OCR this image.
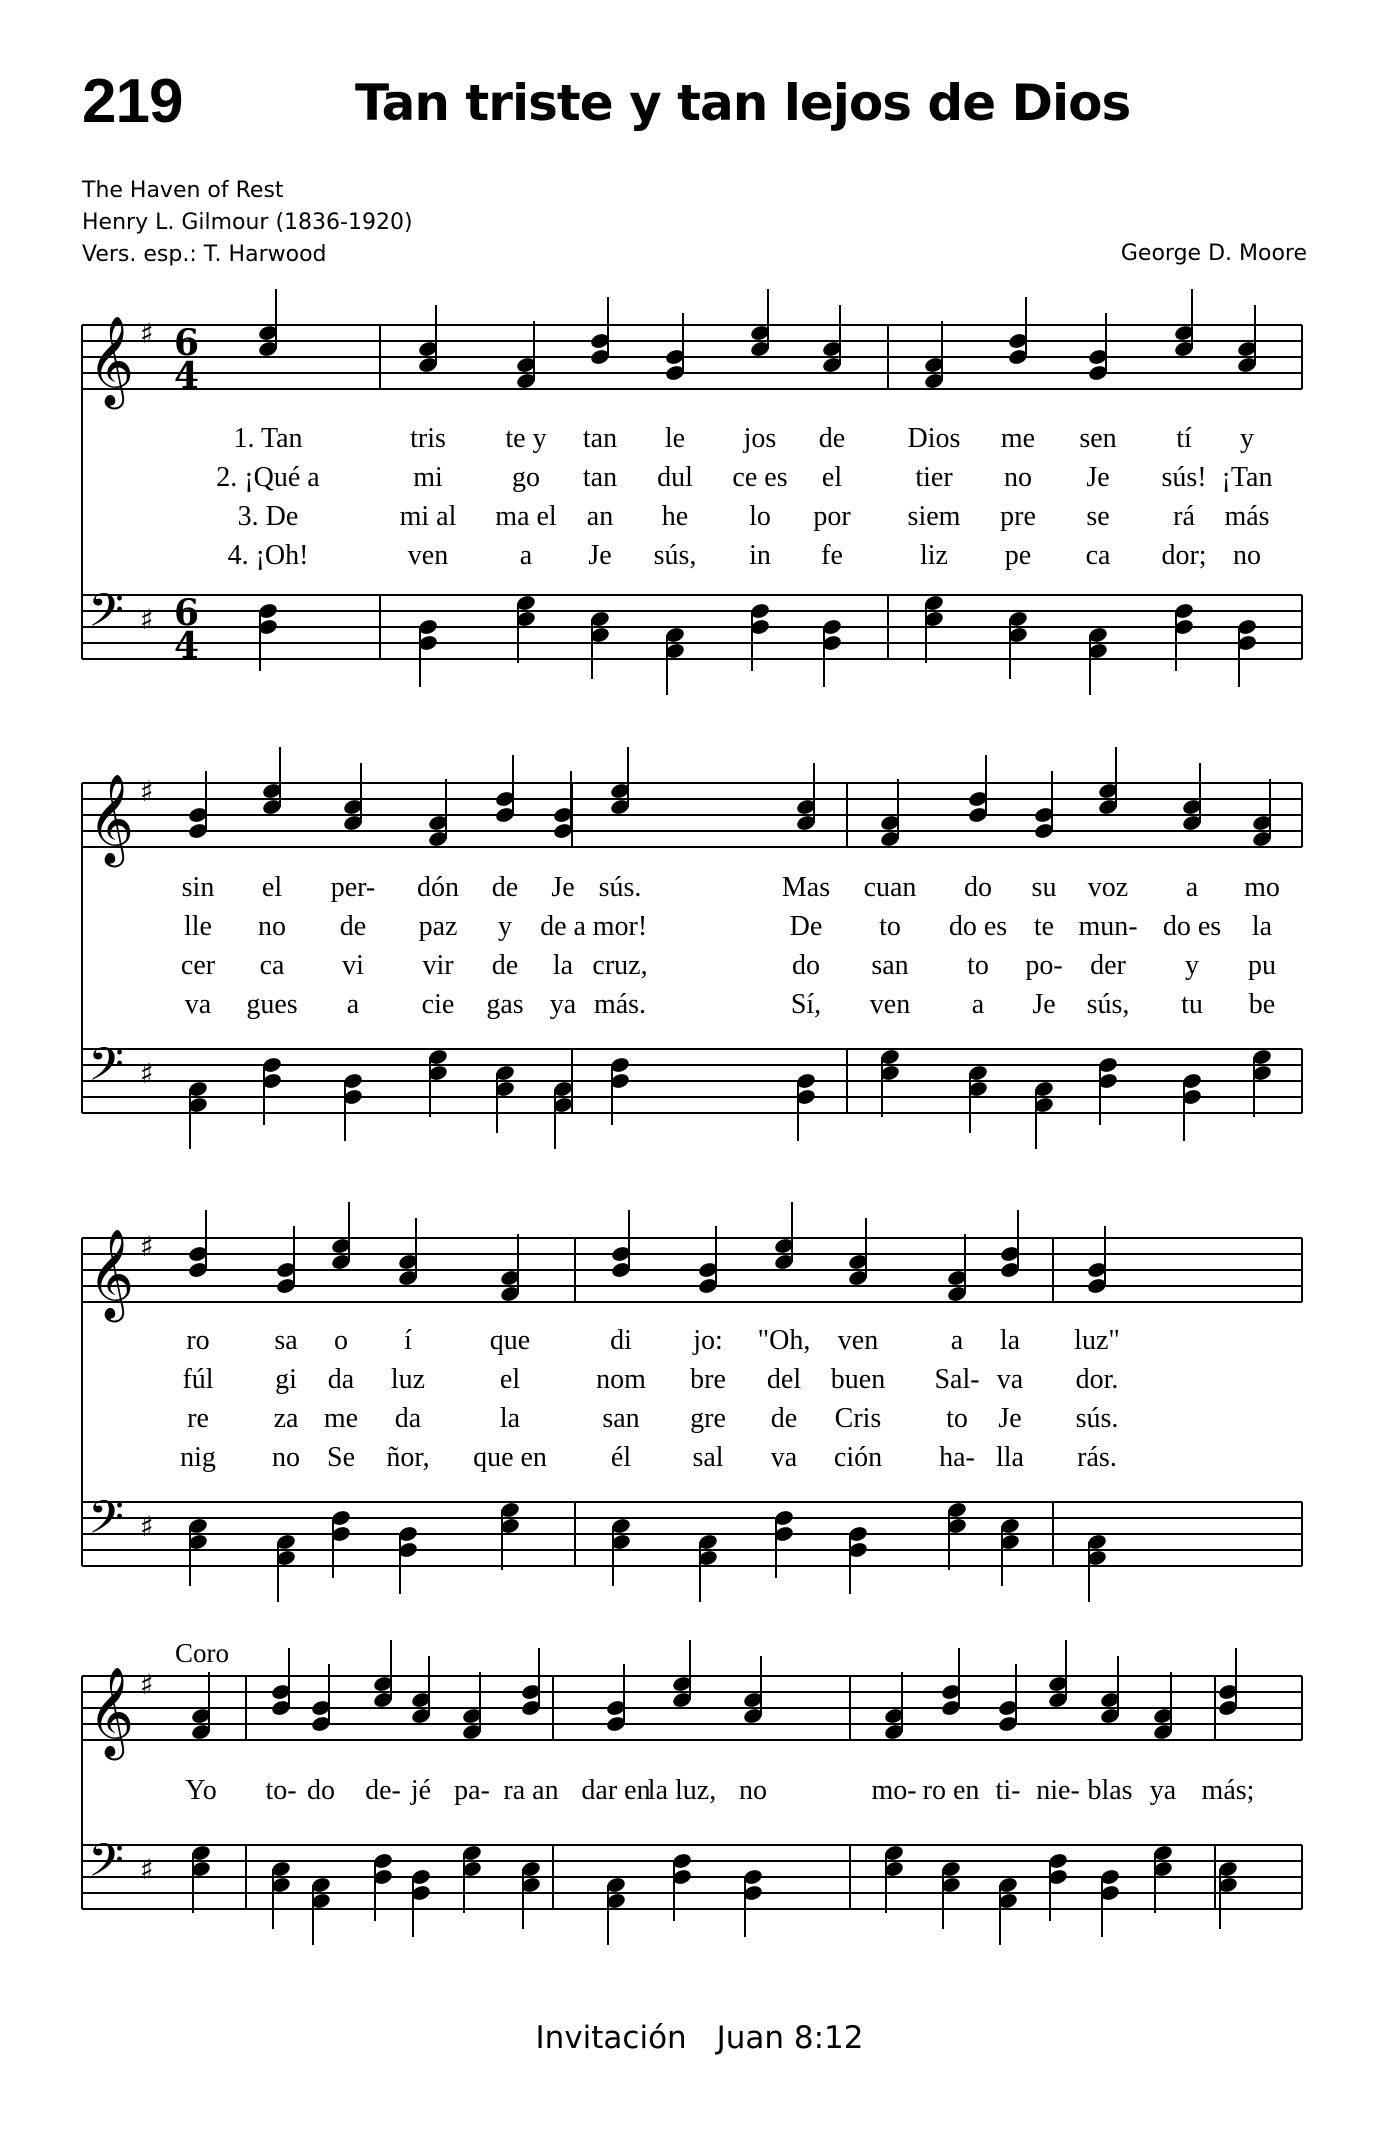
219	Tan triste y tan lejos de Dios
The Haven of Rest
Henry L. Gilmour (1836-1920)
Vers. esp.: T. Harwood	George D. Moore
Coro
𝄞 ♯ 6
4
𝄢 ♯ 6
4
1. Tan	tris te y tan le jos de Dios me sen tí y
2. ¡Qué a	mi go tan dul ce es el	tier no Je sús! ¡Tan
3. De	mi al ma el an he lo por siem pre se rá más
4. ¡Oh!	ven	a Je sús, in fe	liz pe ca dor; no
𝄞 ♯
𝄢 ♯
sin el per- dón de Je sús.	Mas cuan do su voz a mo
lle no de paz y de a mor!	De to do es te mun- do es la
cer ca vi vir de la cruz,	do san to po- der y pu
va gues a cie gas ya más.	Sí, ven a Je sús, tu be
𝄞 ♯
𝄢 ♯
ro sa o í	que	di jo: "Oh, ven	a la luz"
fúl gi da luz	el	nom bre del buen Sal- va dor.
re za me da	la	san gre de Cris to Je sús.
nig no Se ñor, que en él sal va ción ha- lla rás.
𝄞 ♯
𝄢 ♯
Yo to- do de- jé pa- ra an dar en
la luz, no	mo- ro en ti- nie- blas ya más;
Invitación Juan 8:12
